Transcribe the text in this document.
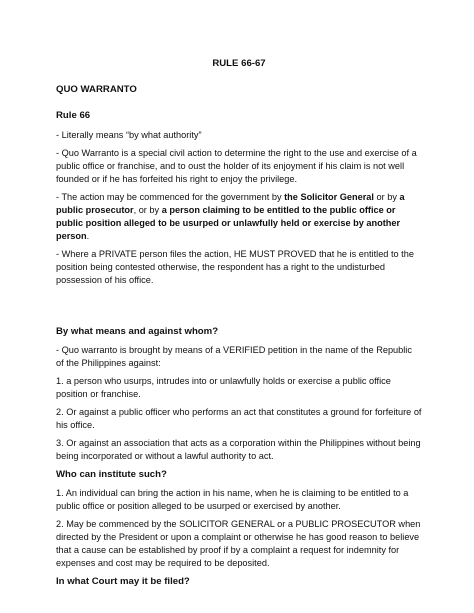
RULE 66-67
QUO WARRANTO
Rule 66

- Literally means “by what authority”

- Quo Warranto is a special civil action to determine the right to the use and exercise of a public office or franchise, and to oust the holder of its enjoyment if his claim is not well founded or if he has forfeited his right to enjoy the privilege.

- The action may be commenced for the government by the Solicitor General or by a public prosecutor, or by a person claiming to be entitled to the public office or public position alleged to be usurped or unlawfully held or exercise by another person.

- Where a PRIVATE person files the action, HE MUST PROVED that he is entitled to the position being contested otherwise, the respondent has a right to the undisturbed possession of his office.

By what means and against whom?

- Quo warranto is brought by means of a VERIFIED petition in the name of the Republic of the Philippines against:

1. a person who usurps, intrudes into or unlawfully holds or exercise a public office position or franchise.

2. Or against a public officer who performs an act that constitutes a ground for forfeiture of his office.

3. Or against an association that acts as a corporation within the Philippines without being being incorporated or without a lawful authority to act.

Who can institute such?

1. An individual can bring the action in his name, when he is claiming to be entitled to a public office or position alleged to be usurped or exercised by another.

2. May be commenced by the SOLICITOR GENERAL or a PUBLIC PROSECUTOR when directed by the President or upon a complaint or otherwise he has good reason to believe that a cause can be established by proof if by a complaint a request for indemnity for expenses and cost may be required to be deposited.

In what Court may it be filed?
